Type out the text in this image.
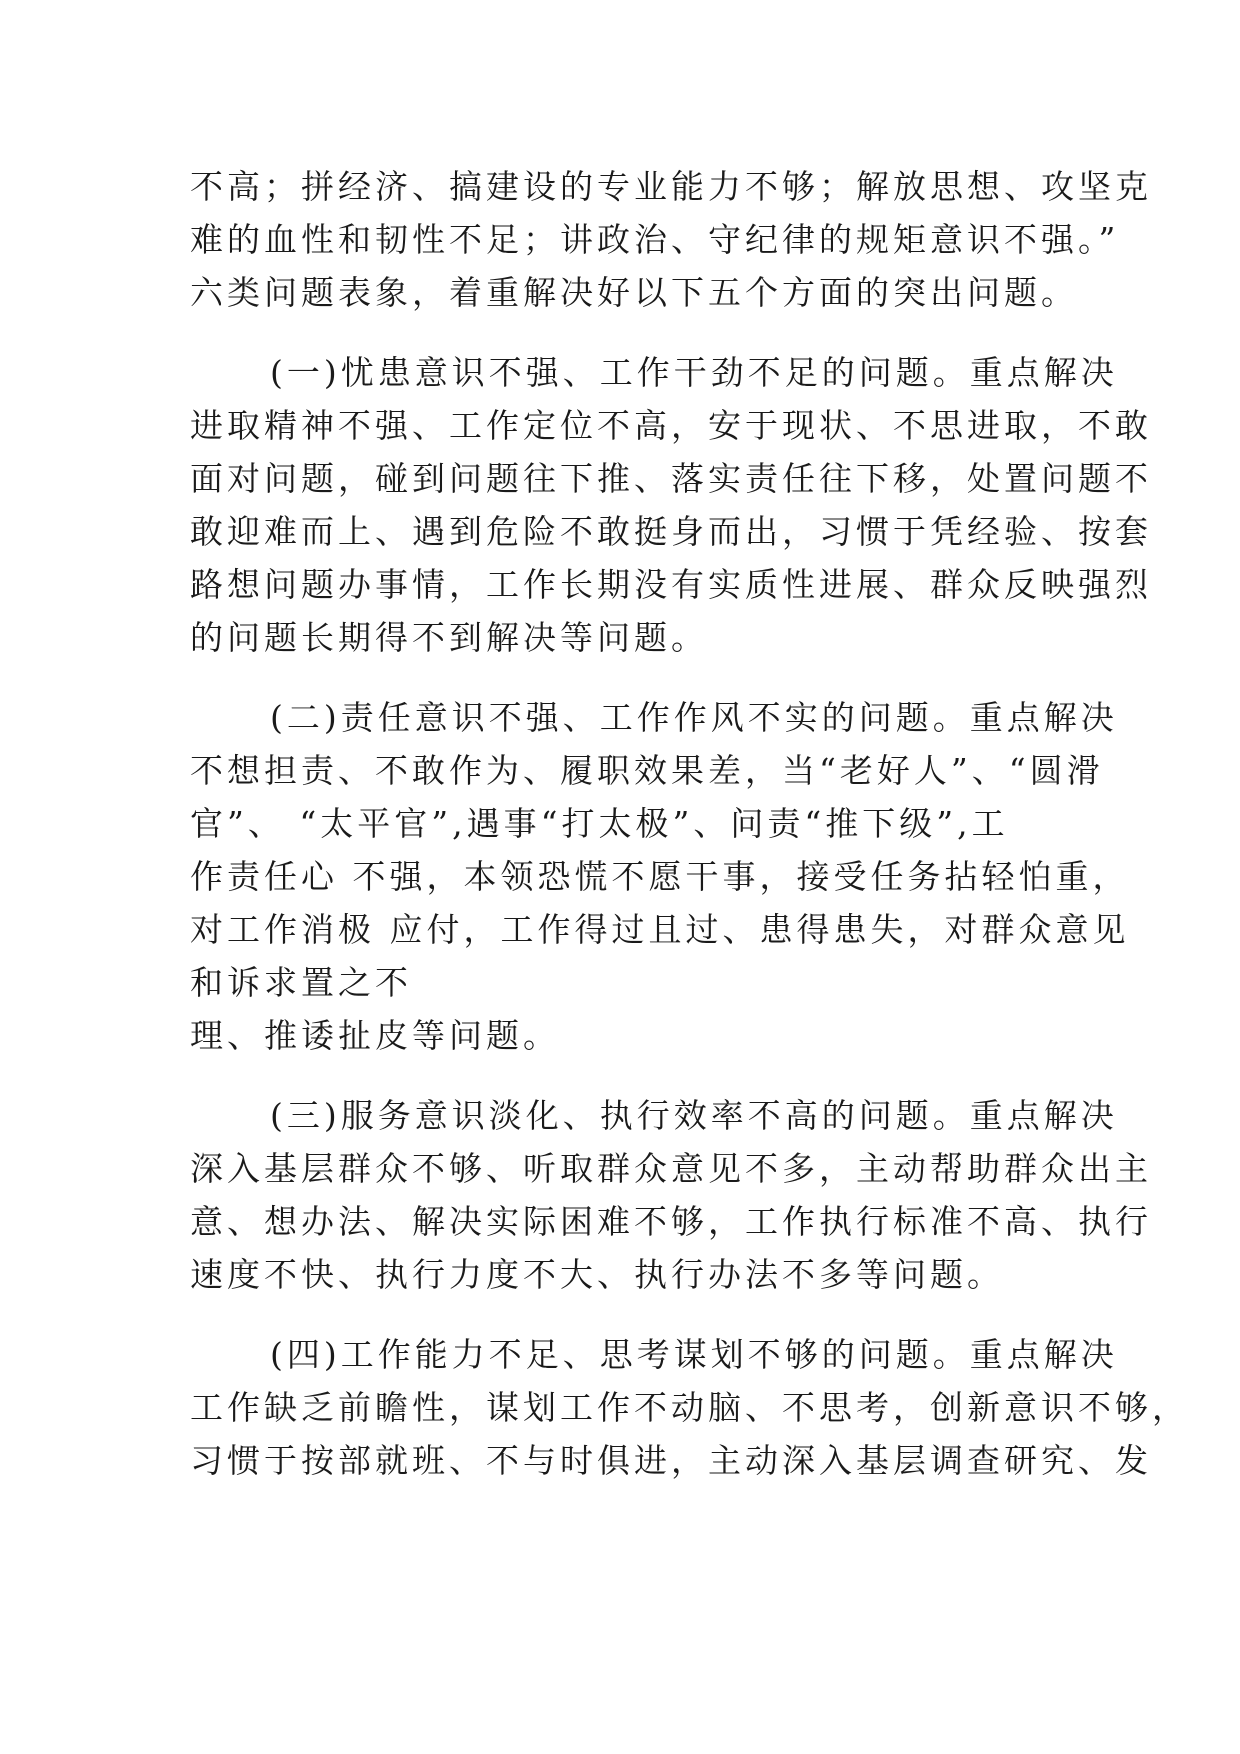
不高；拼经济、搞建设的专业能力不够；解放思想、攻坚克
难的血性和韧性不足；讲政治、守纪律的规矩意识不强。”
六类问题表象，着重解决好以下五个方面的突出问题。
(一)忧患意识不强、工作干劲不足的问题。重点解决
进取精神不强、工作定位不高，安于现状、不思进取，不敢
面对问题，碰到问题往下推、落实责任往下移，处置问题不
敢迎难而上、遇到危险不敢挺身而出，习惯于凭经验、按套
路想问题办事情，工作长期没有实质性进展、群众反映强烈
的问题长期得不到解决等问题。
(二)责任意识不强、工作作风不实的问题。重点解决
不想担责、不敢作为、履职效果差，当“老好人”、“圆滑
官”、 “太平官”,遇事“打太极”、问责“推下级”,工
作责任心 不强，本领恐慌不愿干事，接受任务拈轻怕重，
对工作消极 应付，工作得过且过、患得患失，对群众意见
和诉求置之不
理、推诿扯皮等问题。
(三)服务意识淡化、执行效率不高的问题。重点解决
深入基层群众不够、听取群众意见不多，主动帮助群众出主
意、想办法、解决实际困难不够，工作执行标准不高、执行
速度不快、执行力度不大、执行办法不多等问题。
(四)工作能力不足、思考谋划不够的问题。重点解决
工作缺乏前瞻性，谋划工作不动脑、不思考，创新意识不够，
习惯于按部就班、不与时俱进，主动深入基层调查研究、发
